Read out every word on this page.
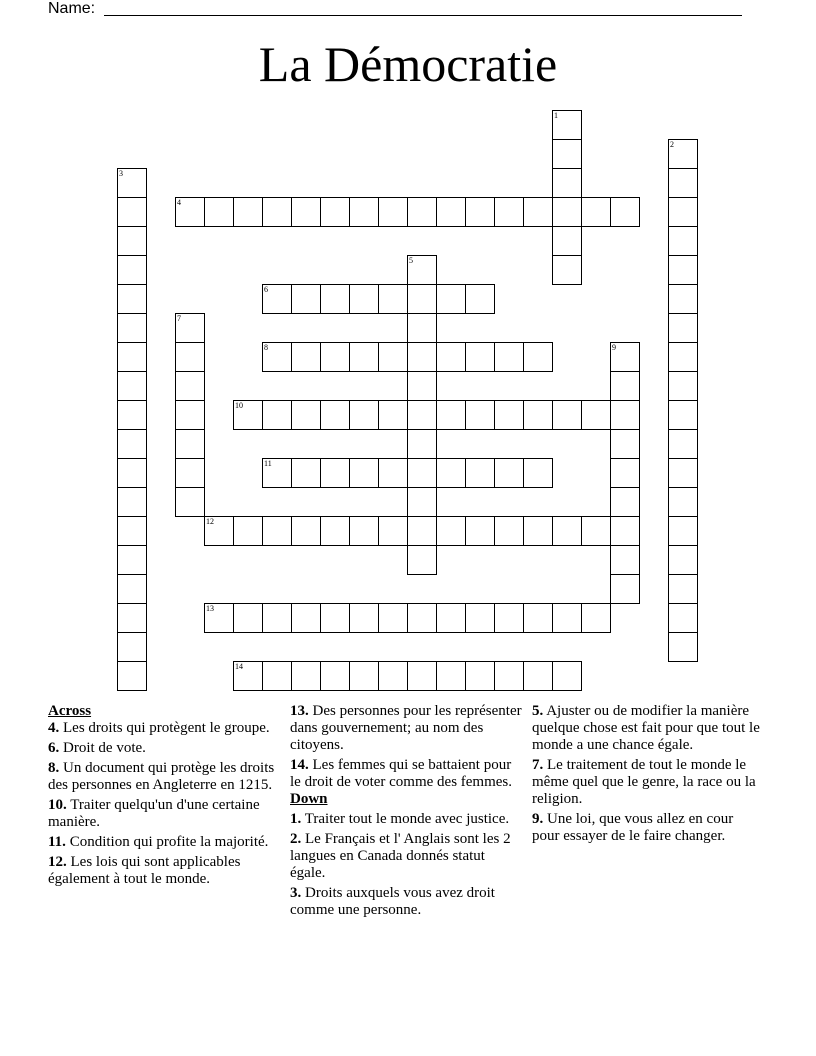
Name:
La Démocratie
1
2
3
4
5
6
7
8	9
10
11
12
13
14
Across
4. Les droits qui protègent le groupe.
6. Droit de vote.
8. Un document qui protège les droits des personnes en Angleterre en 1215.
10. Traiter quelqu'un d'une certaine manière.
11. Condition qui profite la majorité.
12. Les lois qui sont applicables également à tout le monde.
13. Des personnes pour les représenter dans gouvernement; au nom des citoyens.
14. Les femmes qui se battaient pour le droit de voter comme des femmes.
Down
1. Traiter tout le monde avec justice.
2. Le Français et l' Anglais sont les 2 langues en Canada donnés statut égale.
3. Droits auxquels vous avez droit comme une personne.
5. Ajuster ou de modifier la manière quelque chose est fait pour que tout le monde a une chance égale.
7. Le traitement de tout le monde le même quel que le genre, la race ou la religion.
9. Une loi, que vous allez en cour pour essayer de le faire changer.
